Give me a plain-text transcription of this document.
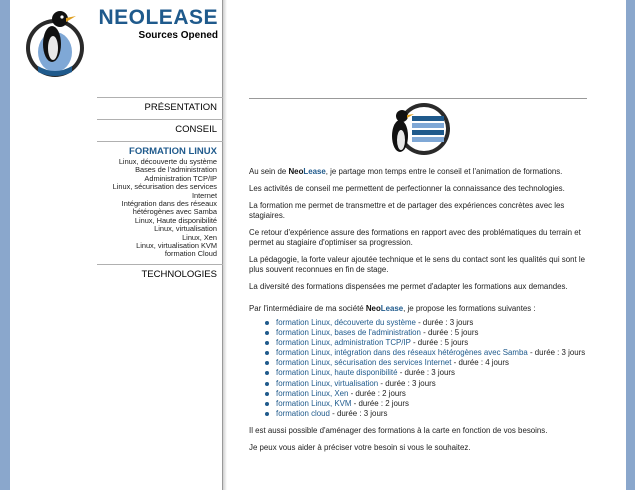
NEOLEASE
Sources Opened
PRÉSENTATION
CONSEIL
FORMATION LINUX
Linux, découverte du système
Bases de l'administration
Administration TCP/IP
Linux, sécurisation des services
Internet
Intégration dans des réseaux
hétérogènes avec Samba
Linux, Haute disponibilité
Linux, virtualisation
Linux, Xen
Linux, virtualisation KVM
formation Cloud
TECHNOLOGIES

Au sein de NeoLease, je partage mon temps entre le conseil et l'animation de formations.

Les activités de conseil me permettent de perfectionner la connaissance des technologies.

La formation me permet de transmettre et de partager des expériences concrètes avec les stagiaires.

Ce retour d'expérience assure des formations en rapport avec des problématiques du terrain et permet au stagiaire d'optimiser sa progression.

La pédagogie, la forte valeur ajoutée technique et le sens du contact sont les qualités qui sont le plus souvent reconnues en fin de stage.

La diversité des formations dispensées me permet d'adapter les formations aux demandes.

Par l'intermédiaire de ma société NeoLease, je propose les formations suivantes :

formation Linux, découverte du système - durée : 3 jours
formation Linux, bases de l'administration - durée : 5 jours
formation Linux, administration TCP/IP - durée : 5 jours
formation Linux, intégration dans des réseaux hétérogènes avec Samba - durée : 3 jours
formation Linux, sécurisation des services Internet - durée : 4 jours
formation Linux, haute disponibilité - durée : 3 jours
formation Linux, virtualisation - durée : 3 jours
formation Linux, Xen - durée : 2 jours
formation Linux, KVM - durée : 2 jours
formation cloud - durée : 3 jours

Il est aussi possible d'aménager des formations à la carte en fonction de vos besoins.

Je peux vous aider à préciser votre besoin si vous le souhaitez.
